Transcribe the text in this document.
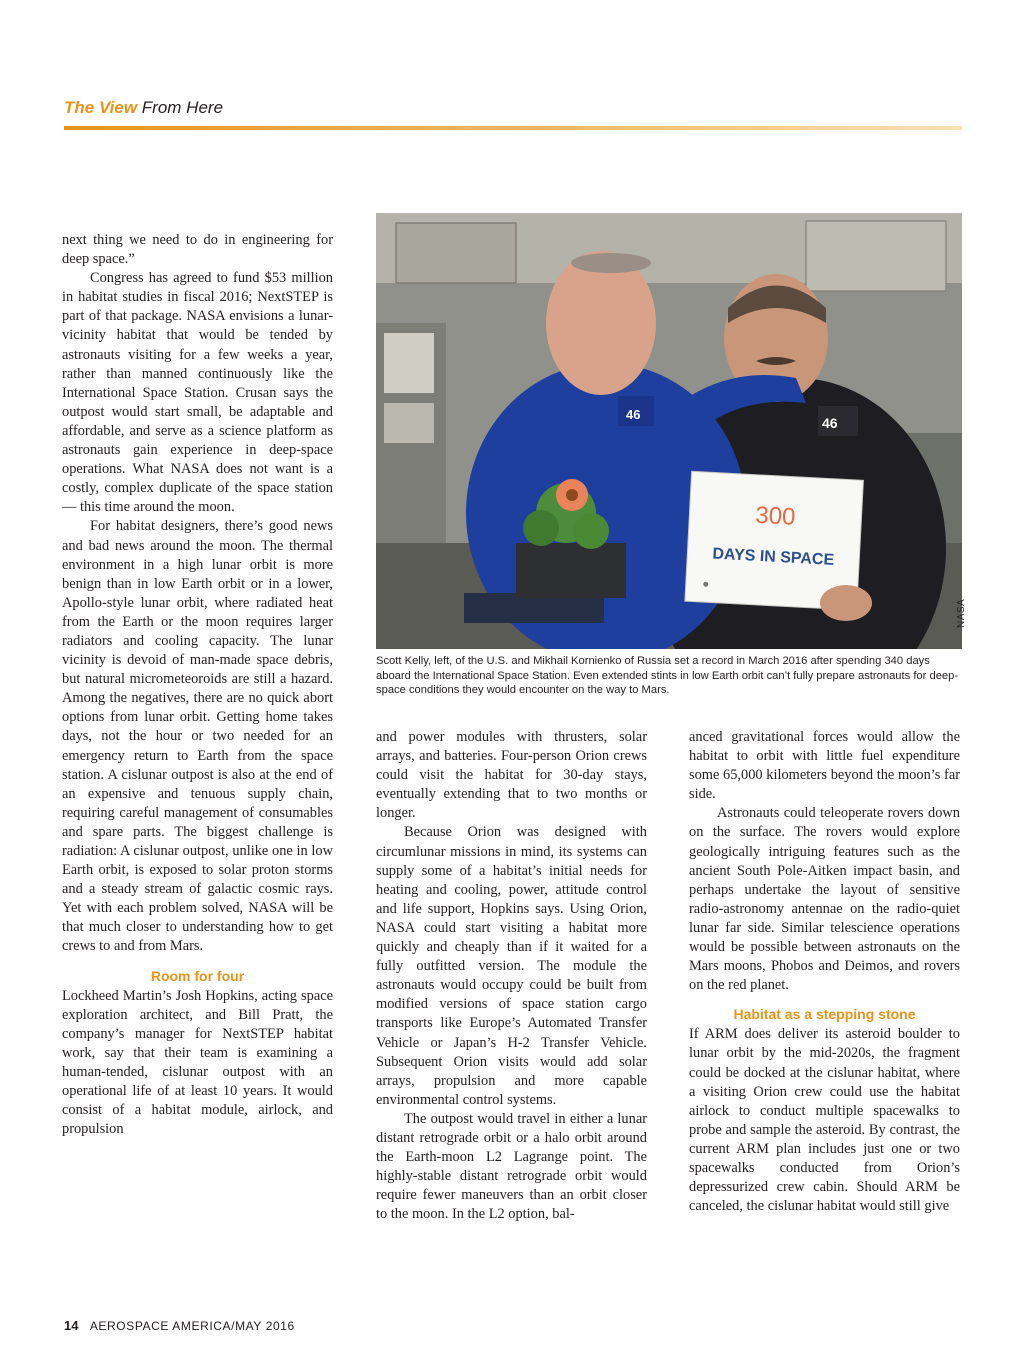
The View From Here

next thing we need to do in engineering for deep space.”

Congress has agreed to fund $53 million in habitat studies in fiscal 2016; NextSTEP is part of that package. NASA envisions a lunar-vicinity habitat that would be tended by astronauts visiting for a few weeks a year, rather than manned continuously like the International Space Station. Crusan says the outpost would start small, be adaptable and affordable, and serve as a science platform as astronauts gain experience in deep-space operations. What NASA does not want is a costly, complex duplicate of the space station — this time around the moon.

For habitat designers, there’s good news and bad news around the moon. The thermal environment in a high lunar orbit is more benign than in low Earth orbit or in a lower, Apollo-style lunar orbit, where radiated heat from the Earth or the moon requires larger radiators and cooling capacity. The lunar vicinity is devoid of man-made space debris, but natural micrometeoroids are still a hazard. Among the negatives, there are no quick abort options from lunar orbit. Getting home takes days, not the hour or two needed for an emergency return to Earth from the space station. A cislunar outpost is also at the end of an expensive and tenuous supply chain, requiring careful management of consumables and spare parts. The biggest challenge is radiation: A cislunar outpost, unlike one in low Earth orbit, is exposed to solar proton storms and a steady stream of galactic cosmic rays. Yet with each problem solved, NASA will be that much closer to understanding how to get crews to and from Mars.

Room for four

Lockheed Martin’s Josh Hopkins, acting space exploration architect, and Bill Pratt, the company’s manager for NextSTEP habitat work, say that their team is examining a human-tended, cislunar outpost with an operational life of at least 10 years. It would consist of a habitat module, airlock, and propulsion

46
46
300
DAYS IN SPACE
NASA
Scott Kelly, left, of the U.S. and Mikhail Kornienko of Russia set a record in March 2016 after spending 340 days aboard the International Space Station. Even extended stints in low Earth orbit can’t fully prepare astronauts for deep-space conditions they would encounter on the way to Mars.

and power modules with thrusters, solar arrays, and batteries. Four-person Orion crews could visit the habitat for 30-day stays, eventually extending that to two months or longer.

Because Orion was designed with circumlunar missions in mind, its systems can supply some of a habitat’s initial needs for heating and cooling, power, attitude control and life support, Hopkins says. Using Orion, NASA could start visiting a habitat more quickly and cheaply than if it waited for a fully outfitted version. The module the astronauts would occupy could be built from modified versions of space station cargo transports like Europe’s Automated Transfer Vehicle or Japan’s H-2 Transfer Vehicle. Subsequent Orion visits would add solar arrays, propulsion and more capable environmental control systems.

The outpost would travel in either a lunar distant retrograde orbit or a halo orbit around the Earth-moon L2 Lagrange point. The highly-stable distant retrograde orbit would require fewer maneuvers than an orbit closer to the moon. In the L2 option, bal-

anced gravitational forces would allow the habitat to orbit with little fuel expenditure some 65,000 kilometers beyond the moon’s far side.

Astronauts could teleoperate rovers down on the surface. The rovers would explore geologically intriguing features such as the ancient South Pole-Aitken impact basin, and perhaps undertake the layout of sensitive radio-astronomy antennae on the radio-quiet lunar far side. Similar telescience operations would be possible between astronauts on the Mars moons, Phobos and Deimos, and rovers on the red planet.

Habitat as a stepping stone

If ARM does deliver its asteroid boulder to lunar orbit by the mid-2020s, the fragment could be docked at the cislunar habitat, where a visiting Orion crew could use the habitat airlock to conduct multiple spacewalks to probe and sample the asteroid. By contrast, the current ARM plan includes just one or two spacewalks conducted from Orion’s depressurized crew cabin. Should ARM be canceled, the cislunar habitat would still give

14 AEROSPACE AMERICA/MAY 2016
